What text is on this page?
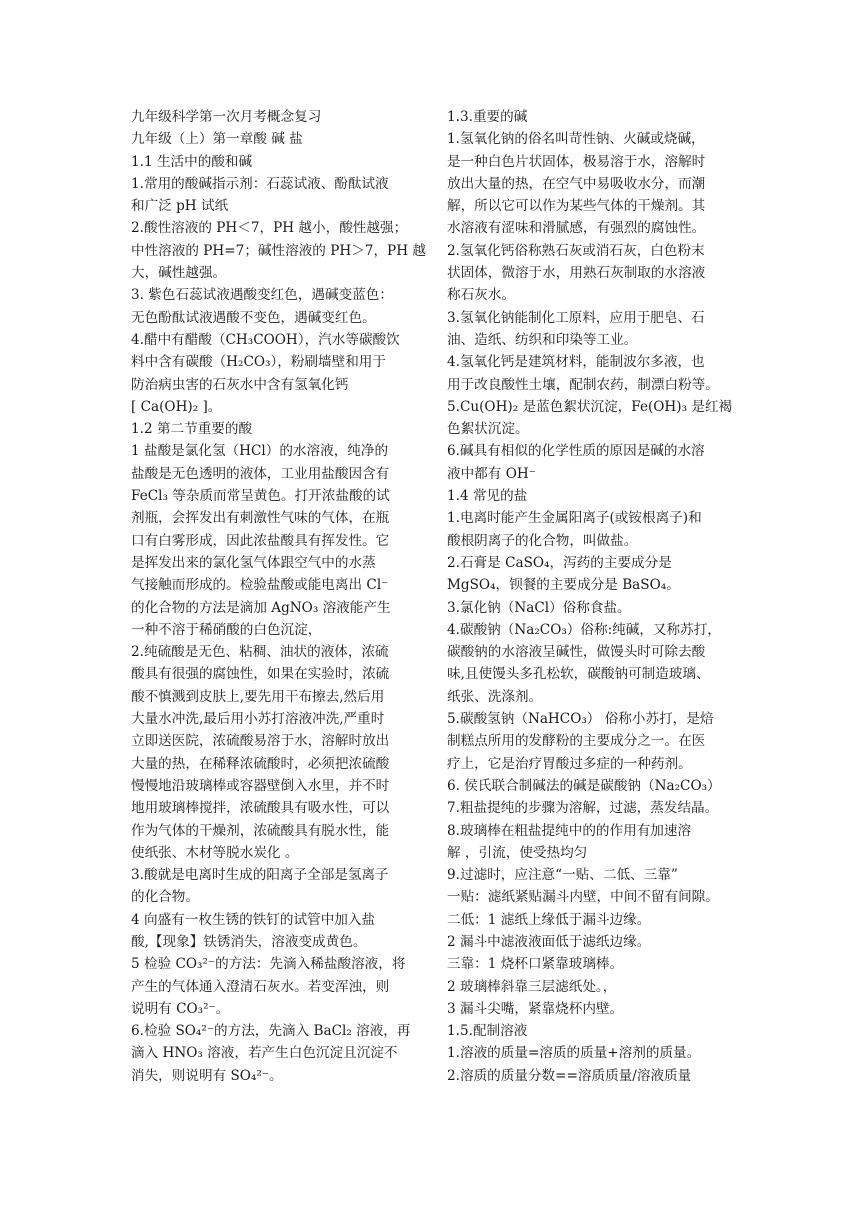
九年级科学第一次月考概念复习
九年级（上）第一章酸 碱 盐
1.1 生活中的酸和碱
1.常用的酸碱指示剂：石蕊试液、酚酞试液
和广泛 pH 试纸
2.酸性溶液的 PH＜7，PH 越小，酸性越强；
中性溶液的 PH=7；碱性溶液的 PH＞7，PH 越
大，碱性越强。
3. 紫色石蕊试液遇酸变红色，遇碱变蓝色：
无色酚酞试液遇酸不变色，遇碱变红色。
4.醋中有醋酸（CH₃COOH），汽水等碳酸饮
料中含有碳酸（H₂CO₃），粉刷墙壁和用于
防治病虫害的石灰水中含有氢氧化钙
[ Ca(OH)₂ ]。
1.2 第二节重要的酸
1 盐酸是氯化氢（HCl）的水溶液，纯净的
盐酸是无色透明的液体，工业用盐酸因含有
FeCl₃ 等杂质而常呈黄色。打开浓盐酸的试
剂瓶，会挥发出有刺激性气味的气体，在瓶
口有白雾形成，因此浓盐酸具有挥发性。它
是挥发出来的氯化氢气体跟空气中的水蒸
气接触而形成的。检验盐酸或能电离出 Cl⁻
的化合物的方法是滴加 AgNO₃ 溶液能产生
一种不溶于稀硝酸的白色沉淀，
2.纯硫酸是无色、粘稠、油状的液体，浓硫
酸具有很强的腐蚀性，如果在实验时，浓硫
酸不慎溅到皮肤上,要先用干布擦去,然后用
大量水冲洗,最后用小苏打溶液冲洗,严重时
立即送医院，浓硫酸易溶于水，溶解时放出
大量的热，在稀释浓硫酸时，必须把浓硫酸
慢慢地沿玻璃棒或容器壁倒入水里，并不时
地用玻璃棒搅拌，浓硫酸具有吸水性，可以
作为气体的干燥剂，浓硫酸具有脱水性，能
使纸张、木材等脱水炭化 。
3.酸就是电离时生成的阳离子全部是氢离子
的化合物。
4 向盛有一枚生锈的铁钉的试管中加入盐
酸,【现象】铁锈消失，溶液变成黄色。
5 检验 CO₃²⁻的方法：先滴入稀盐酸溶液，将
产生的气体通入澄清石灰水。若变浑浊，则
说明有 CO₃²⁻。
6.检验 SO₄²⁻的方法，先滴入 BaCl₂ 溶液，再
滴入 HNO₃ 溶液，若产生白色沉淀且沉淀不
消失，则说明有 SO₄²⁻。
1.3.重要的碱
1.氢氧化钠的俗名叫苛性钠、火碱或烧碱，
是一种白色片状固体，极易溶于水，溶解时
放出大量的热，在空气中易吸收水分，而潮
解，所以它可以作为某些气体的干燥剂。其
水溶液有涩味和滑腻感，有强烈的腐蚀性。
2.氢氧化钙俗称熟石灰或消石灰，白色粉末
状固体，微溶于水，用熟石灰制取的水溶液
称石灰水。
3.氢氧化钠能制化工原料，应用于肥皂、石
油、造纸、纺织和印染等工业。
4.氢氧化钙是建筑材料，能制波尔多液，也
用于改良酸性土壤，配制农药，制漂白粉等。
5.Cu(OH)₂ 是蓝色絮状沉淀，Fe(OH)₃ 是红褐
色絮状沉淀。
6.碱具有相似的化学性质的原因是碱的水溶
液中都有 OH⁻
1.4 常见的盐
1.电离时能产生金属阳离子(或铵根离子)和
酸根阴离子的化合物，叫做盐。
2.石膏是 CaSO₄，泻药的主要成分是
MgSO₄，钡餐的主要成分是 BaSO₄。
3.氯化钠（NaCl）俗称食盐。
4.碳酸钠（Na₂CO₃）俗称:纯碱，又称苏打，
碳酸钠的水溶液呈碱性，做馒头时可除去酸
味,且使馒头多孔松软，碳酸钠可制造玻璃、
纸张、洗涤剂。
5.碳酸氢钠（NaHCO₃） 俗称小苏打，是焙
制糕点所用的发酵粉的主要成分之一。在医
疗上，它是治疗胃酸过多症的一种药剂。
6. 侯氏联合制碱法的碱是碳酸钠（Na₂CO₃）
7.粗盐提纯的步骤为溶解，过滤，蒸发结晶。
8.玻璃棒在粗盐提纯中的的作用有加速溶
解 ，引流，使受热均匀
9.过滤时，应注意“一贴、二低、三靠”
一贴：滤纸紧贴漏斗内壁，中间不留有间隙。
二低：1 滤纸上缘低于漏斗边缘。
2 漏斗中滤液液面低于滤纸边缘。
三靠：1 烧杯口紧靠玻璃棒。
2 玻璃棒斜靠三层滤纸处。，
3 漏斗尖嘴，紧靠烧杯内壁。
1.5.配制溶液
1.溶液的质量=溶质的质量+溶剂的质量。
2.溶质的质量分数==溶质质量/溶液质量
